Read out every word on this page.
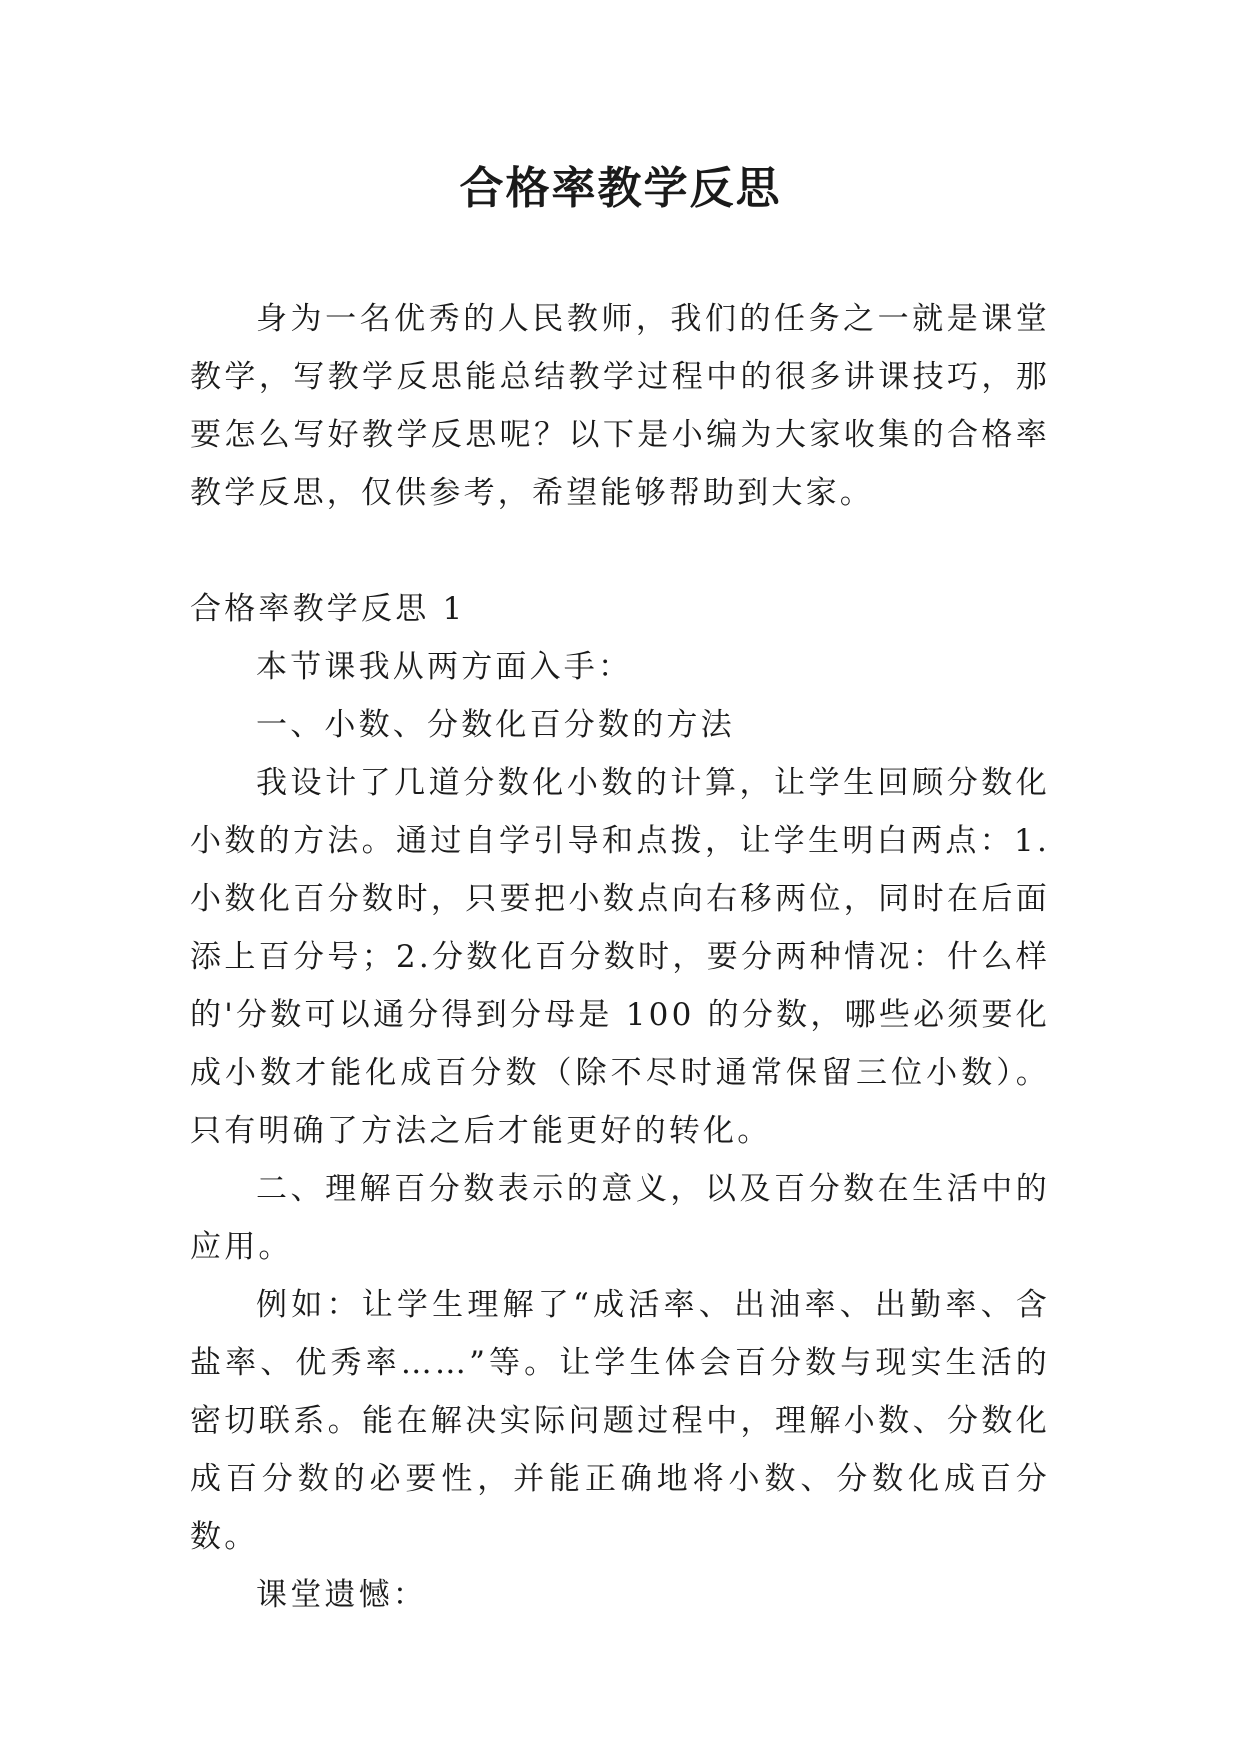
合格率教学反思

身为一名优秀的人民教师，我们的任务之一就是课堂教学，写教学反思能总结教学过程中的很多讲课技巧，那要怎么写好教学反思呢？以下是小编为大家收集的合格率教学反思，仅供参考，希望能够帮助到大家。

合格率教学反思 1

本节课我从两方面入手：

一、小数、分数化百分数的方法

我设计了几道分数化小数的计算，让学生回顾分数化小数的方法。通过自学引导和点拨，让学生明白两点：1.小数化百分数时，只要把小数点向右移两位，同时在后面添上百分号；2.分数化百分数时，要分两种情况：什么样的'分数可以通分得到分母是 100 的分数，哪些必须要化成小数才能化成百分数（除不尽时通常保留三位小数）。只有明确了方法之后才能更好的转化。

二、理解百分数表示的意义，以及百分数在生活中的应用。

例如：让学生理解了“成活率、出油率、出勤率、含盐率、优秀率……”等。让学生体会百分数与现实生活的密切联系。能在解决实际问题过程中，理解小数、分数化成百分数的必要性，并能正确地将小数、分数化成百分数。

课堂遗憾：
